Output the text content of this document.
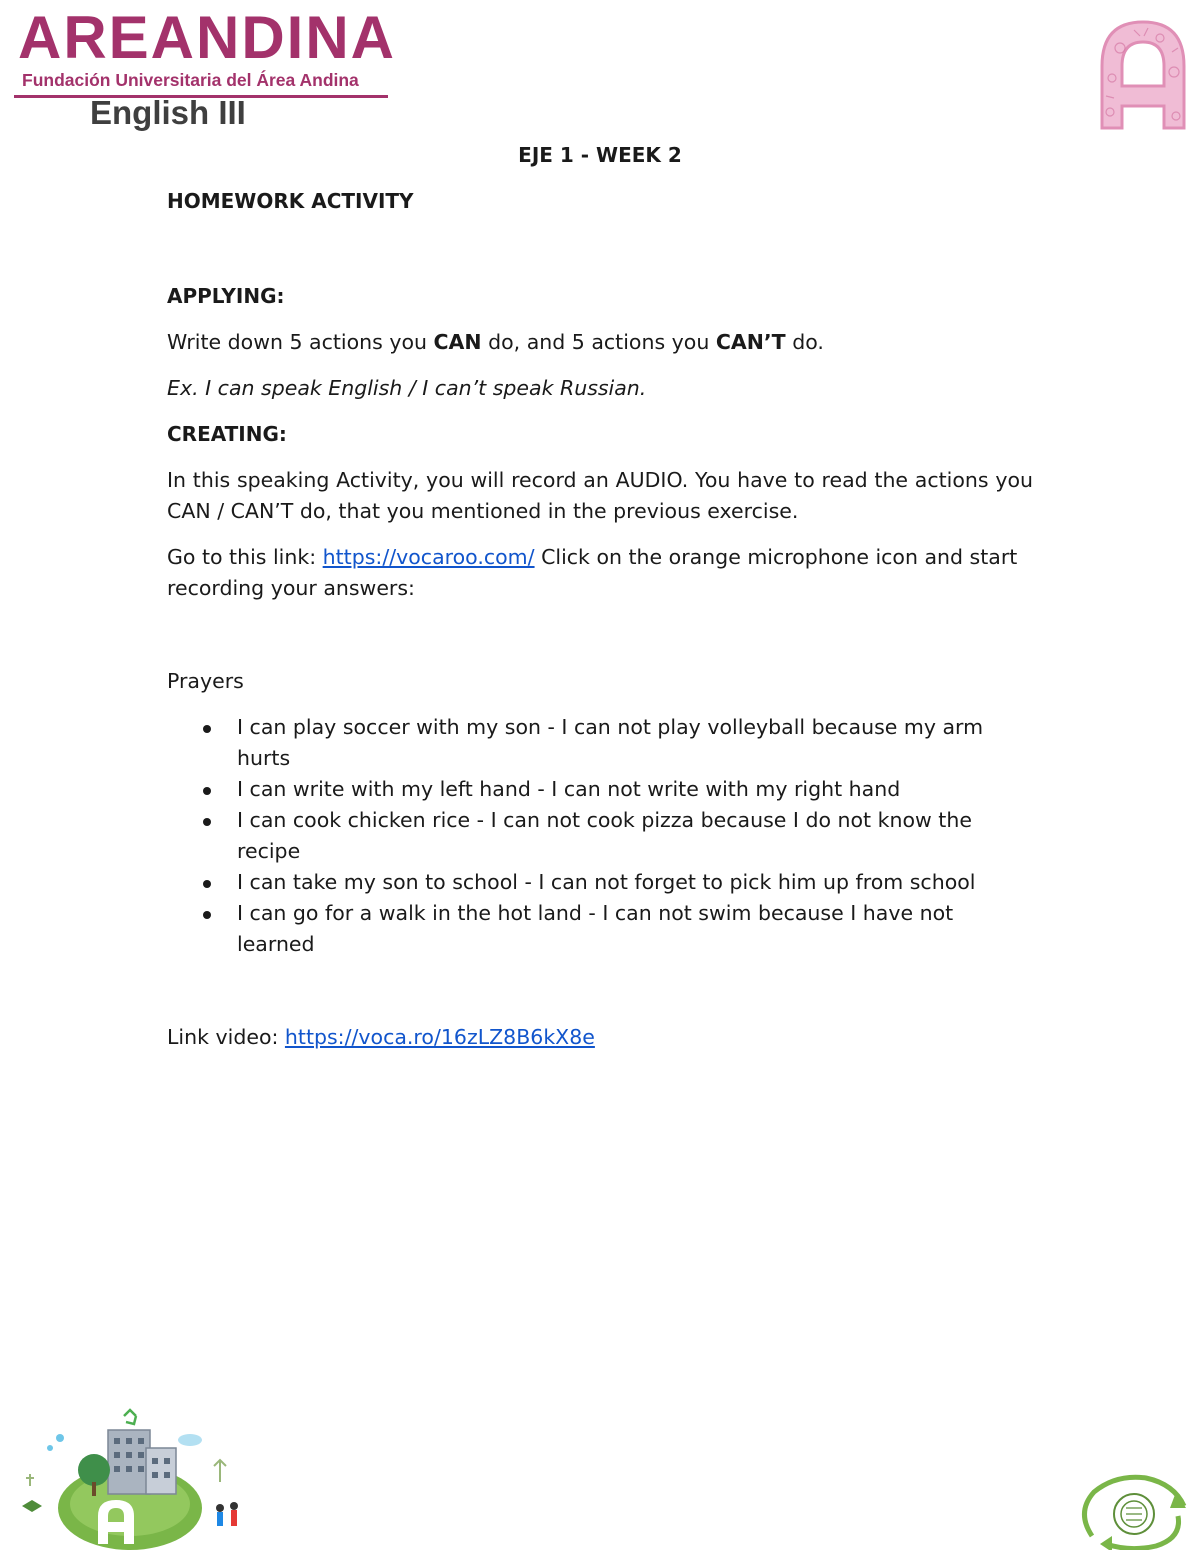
AREANDINA
Fundación Universitaria del Área Andina
English III
EJE 1 - WEEK 2

HOMEWORK ACTIVITY

APPLYING:

Write down 5 actions you CAN do, and 5 actions you CAN’T do.

Ex. I can speak English / I can’t speak Russian.

CREATING:

In this speaking Activity, you will record an AUDIO. You have to read the actions you CAN / CAN’T do, that you mentioned in the previous exercise.

Go to this link: https://vocaroo.com/ Click on the orange microphone icon and start recording your answers:

Prayers

I can play soccer with my son - I can not play volleyball because my arm hurts
I can write with my left hand - I can not write with my right hand
I can cook chicken rice - I can not cook pizza because I do not know the recipe
I can take my son to school - I can not forget to pick him up from school
I can go for a walk in the hot land - I can not swim because I have not learned

Link video: https://voca.ro/16zLZ8B6kX8e
